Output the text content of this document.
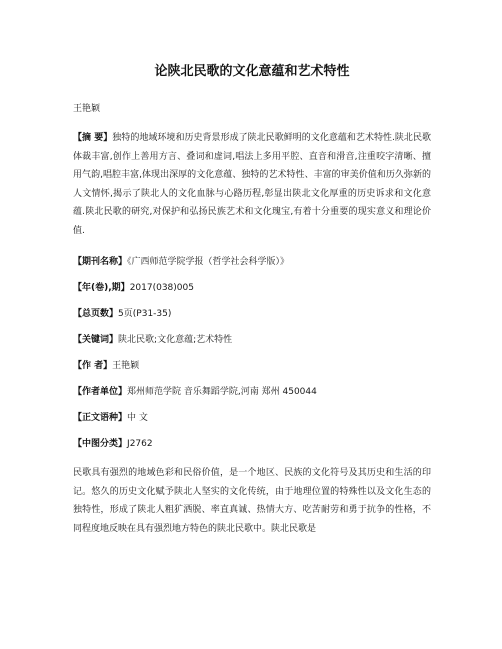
论陕北民歌的文化意蕴和艺术特性
王艳颖
【 摘 要 】 独特的地域环境和历史背景形成了陕北民歌鲜明的文化意蕴和艺术特性.陕北民歌体裁丰富,创作上善用方言、叠词和虚词,唱法上多用平腔、直音和滑音,注重咬字清晰、擅用气韵,唱腔丰富,体现出深厚的文化意蕴、独特的艺术特性、丰富的审美价值和历久弥新的人文情怀,揭示了陕北人的文化血脉与心路历程,彰显出陕北文化厚重的历史诉求和文化意蕴.陕北民歌的研究,对保护和弘扬民族艺术和文化瑰宝,有着十分重要的现实意义和理论价值.
【 期刊名称 】 《广西师范学院学报（哲学社会科学版）》
【 年(卷),期 】 2017(038)005
【 总页数 】 5页(P31-35)
【 关键词 】 陕北民歌;文化意蕴;艺术特性
【 作 者 】 王艳颖
【 作者单位 】 郑州师范学院 音乐舞蹈学院,河南 郑州 450044
【 正文语种 】 中 文
【 中图分类 】 J2762
民歌具有强烈的地域色彩和民俗价值，是一个地区、民族的文化符号及其历史和生活的印记。悠久的历史文化赋予陕北人坚实的文化传统，由于地理位置的特殊性以及文化生态的独特性，形成了陕北人粗犷洒脱、率直真诚、热情大方、吃苦耐劳和勇于抗争的性格，不同程度地反映在具有强烈地方特色的陕北民歌中。陕北民歌是
